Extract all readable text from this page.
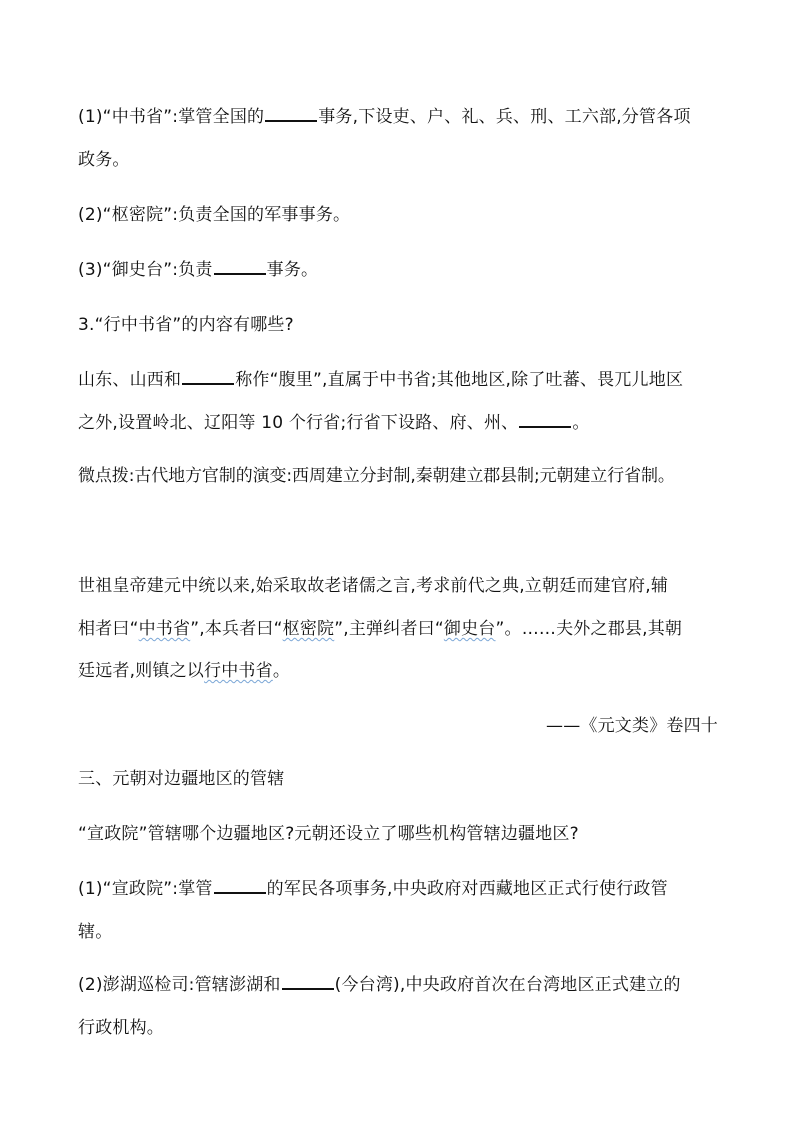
(1)“中书省”:掌管全国的	事务,下设吏、户、礼、兵、刑、工六部,分管各项
政务。
(2)“枢密院”:负责全国的军事事务。
(3)“御史台”:负责	事务。
3.“行中书省”的内容有哪些?
山东、山西和	称作“腹里”,直属于中书省;其他地区,除了吐蕃、畏兀儿地区
之外,设置岭北、辽阳等 10 个行省;行省下设路、府、州、	。
微点拨:古代地方官制的演变:西周建立分封制,秦朝建立郡县制;元朝建立行省制。
世祖皇帝建元中统以来,始采取故老诸儒之言,考求前代之典,立朝廷而建官府,辅
相者曰“中书省”,本兵者曰“枢密院”,主弹纠者曰“御史台”。……夫外之郡县,其朝
廷远者,则镇之以行中书省。
——《元文类》卷四十
三、元朝对边疆地区的管辖
“宣政院”管辖哪个边疆地区?元朝还设立了哪些机构管辖边疆地区?
(1)“宣政院”:掌管	的军民各项事务,中央政府对西藏地区正式行使行政管
辖。
(2)澎湖巡检司:管辖澎湖和	(今台湾),中央政府首次在台湾地区正式建立的
行政机构。
